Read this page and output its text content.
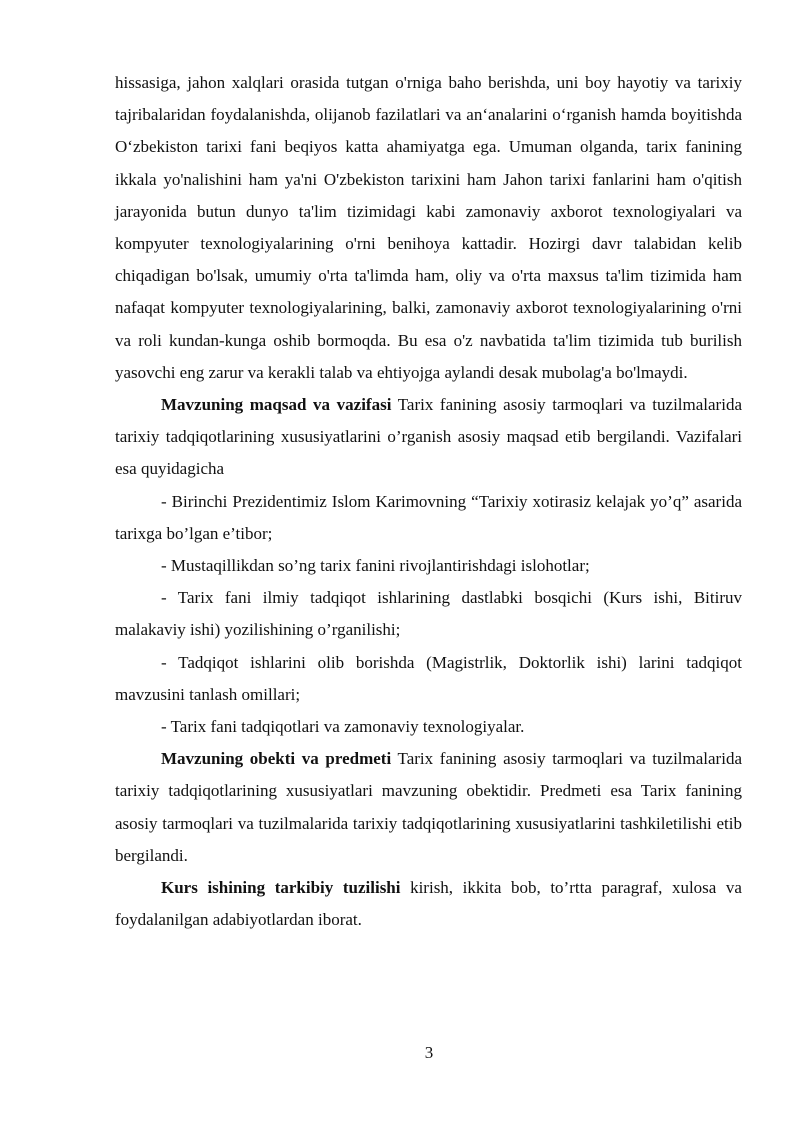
hissasiga, jahon xalqlari orasida tutgan o'rniga baho berishda, uni boy hayotiy va tarixiy tajribalaridan foydalanishda, olijanob fazilatlari va an‘analarini o‘rganish hamda boyitishda O‘zbekiston tarixi fani beqiyos katta ahamiyatga ega. Umuman olganda, tarix fanining ikkala yo'nalishini ham ya'ni O'zbekiston tarixini ham Jahon tarixi fanlarini ham o'qitish jarayonida butun dunyo ta'lim tizimidagi kabi zamonaviy axborot texnologiyalari va kompyuter texnologiyalarining o'rni benihoya kattadir. Hozirgi davr talabidan kelib chiqadigan bo'lsak, umumiy o'rta ta'limda ham, oliy va o'rta maxsus ta'lim tizimida ham nafaqat kompyuter texnologiyalarining, balki, zamonaviy axborot texnologiyalarining o'rni va roli kundan-kunga oshib bormoqda. Bu esa o'z navbatida ta'lim tizimida tub burilish yasovchi eng zarur va kerakli talab va ehtiyojga aylandi desak mubolag'a bo'lmaydi.

Mavzuning maqsad va vazifasi Tarix fanining asosiy tarmoqlari va tuzilmalarida tarixiy tadqiqotlarining xususiyatlarini o’rganish asosiy maqsad etib bergilandi. Vazifalari esa quyidagicha

- Birinchi Prezidentimiz Islom Karimovning “Tarixiy xotirasiz kelajak yo’q” asarida tarixga bo’lgan e’tibor;

- Mustaqillikdan so’ng tarix fanini rivojlantirishdagi islohotlar;

- Tarix fani ilmiy tadqiqot ishlarining dastlabki bosqichi (Kurs ishi, Bitiruv malakaviy ishi) yozilishining o’rganilishi;

- Tadqiqot ishlarini olib borishda (Magistrlik, Doktorlik ishi) larini tadqiqot mavzusini tanlash omillari;

- Tarix fani tadqiqotlari va zamonaviy texnologiyalar.

Mavzuning obekti va predmeti Tarix fanining asosiy tarmoqlari va tuzilmalarida tarixiy tadqiqotlarining xususiyatlari mavzuning obektidir. Predmeti esa Tarix fanining asosiy tarmoqlari va tuzilmalarida tarixiy tadqiqotlarining xususiyatlarini tashkiletilishi etib bergilandi.

Kurs ishining tarkibiy tuzilishi kirish, ikkita bob, to’rtta paragraf, xulosa va foydalanilgan adabiyotlardan iborat.

3
